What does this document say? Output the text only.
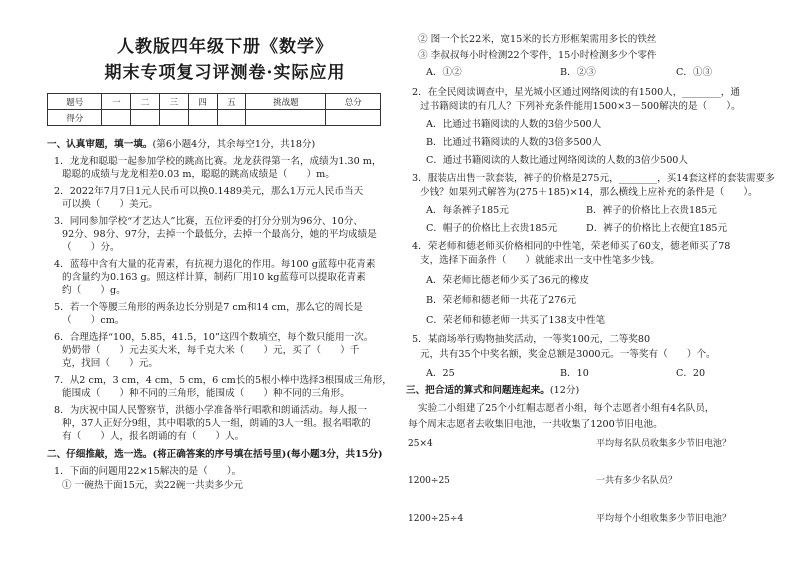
人教版四年级下册《数学》
期末专项复习评测卷·实际应用
题号	一	二	三	四	五	挑战题	总分
得分							
一、认真审题，填一填。(第6小题4分，其余每空1分，共18分)
1．龙龙和聪聪一起参加学校的跳高比赛。龙龙获得第一名，成绩为1.30 m，
聪聪的成绩与龙龙相差0.03 m，聪聪的跳高成绩是（　　）m。
2．2022年7月7日1元人民币可以换0.1489美元，那么1万元人民币当天
可以换（　　）美元。
3．同同参加学校“才艺达人”比赛，五位评委的打分分别为96分、10分、
92分、98分、97分，去掉一个最低分，去掉一个最高分，她的平均成绩是
（　　）分。
4．蓝莓中含有大量的花青素，有抗视力退化的作用。每100 g蓝莓中花青素
的含量约为0.163 g。照这样计算，制药厂用10 kg蓝莓可以提取花青素
约（　　）g。
5．若一个等腰三角形的两条边长分别是7 cm和14 cm，那么它的周长是
（　　）cm。
6．合理选择“100，5.85，41.5，10”这四个数填空，每个数只能用一次。
奶奶带（　　）元去买大米，每千克大米（　　）元，买了（　　）千
克，找回（　　）元。
7．从2 cm，3 cm，4 cm，5 cm，6 cm长的5根小棒中选择3根围成三角形，
能围成（　　）种不同的三角形，能围成（　　）种不同的三角形。
8．为庆祝中国人民警察节，洪德小学准备举行唱歌和朗诵活动。每人报一
种，37人正好分9组，其中唱歌的5人一组，朗诵的3人一组。报名唱歌的
有（　　）人，报名朗诵的有（　　）人。
二、仔细推敲，选一选。(将正确答案的序号填在括号里)(每小题3分，共15分)
1．下面的问题用22×15解决的是（　　）。
① 一碗热干面15元，卖22碗一共卖多少元
② 图一个长22米，宽15米的长方形框架需用多长的铁丝
③ 李叔叔每小时检测22个零件，15小时检测多少个零件
A．①②	B．②③	C．①③
2．在全民阅读调查中，星光城小区通过网络阅读的有1500人，________，通
过书籍阅读的有几人？下列补充条件能用1500×3－500解决的是（　　）。
A．比通过书籍阅读的人数的3倍少500人
B．比通过书籍阅读的人数的3倍多500人
C．通过书籍阅读的人数比通过网络阅读的人数的3倍少500人
3．服装店出售一款套装，裤子的价格是275元，________，买14套这样的套装需要多
少钱？如果列式解答为(275＋185)×14，那么横线上应补充的条件是（　　）。
A．每条裤子185元	B．裤子的价格比上衣贵185元
C．帽子的价格比上衣贵185元	D．裤子的价格比上衣便宜185元
4．荣老师和德老师买价格相同的中性笔，荣老师买了60支，德老师买了78
支，选择下面条件（　　）就能求出一支中性笔多少钱。
A．荣老师比德老师少买了36元的橡皮
B．荣老师和德老师一共花了276元
C．荣老师和德老师一共买了138支中性笔
5．某商场举行购物抽奖活动，一等奖100元，二等奖80
元，共有35个中奖名额，奖金总额是3000元。一等奖有（　　）个。
A．25	B．10	C．20
三、把合适的算式和问题连起来。(12分)
实验二小组建了25个小红帽志愿者小组，每个志愿者小组有4名队员，
每个周末志愿者去收集旧电池，一共收集了1200节旧电池。
25×4	平均每名队员收集多少节旧电池？
1200÷25	一共有多少名队员？
1200÷25÷4	平均每个小组收集多少节旧电池？
